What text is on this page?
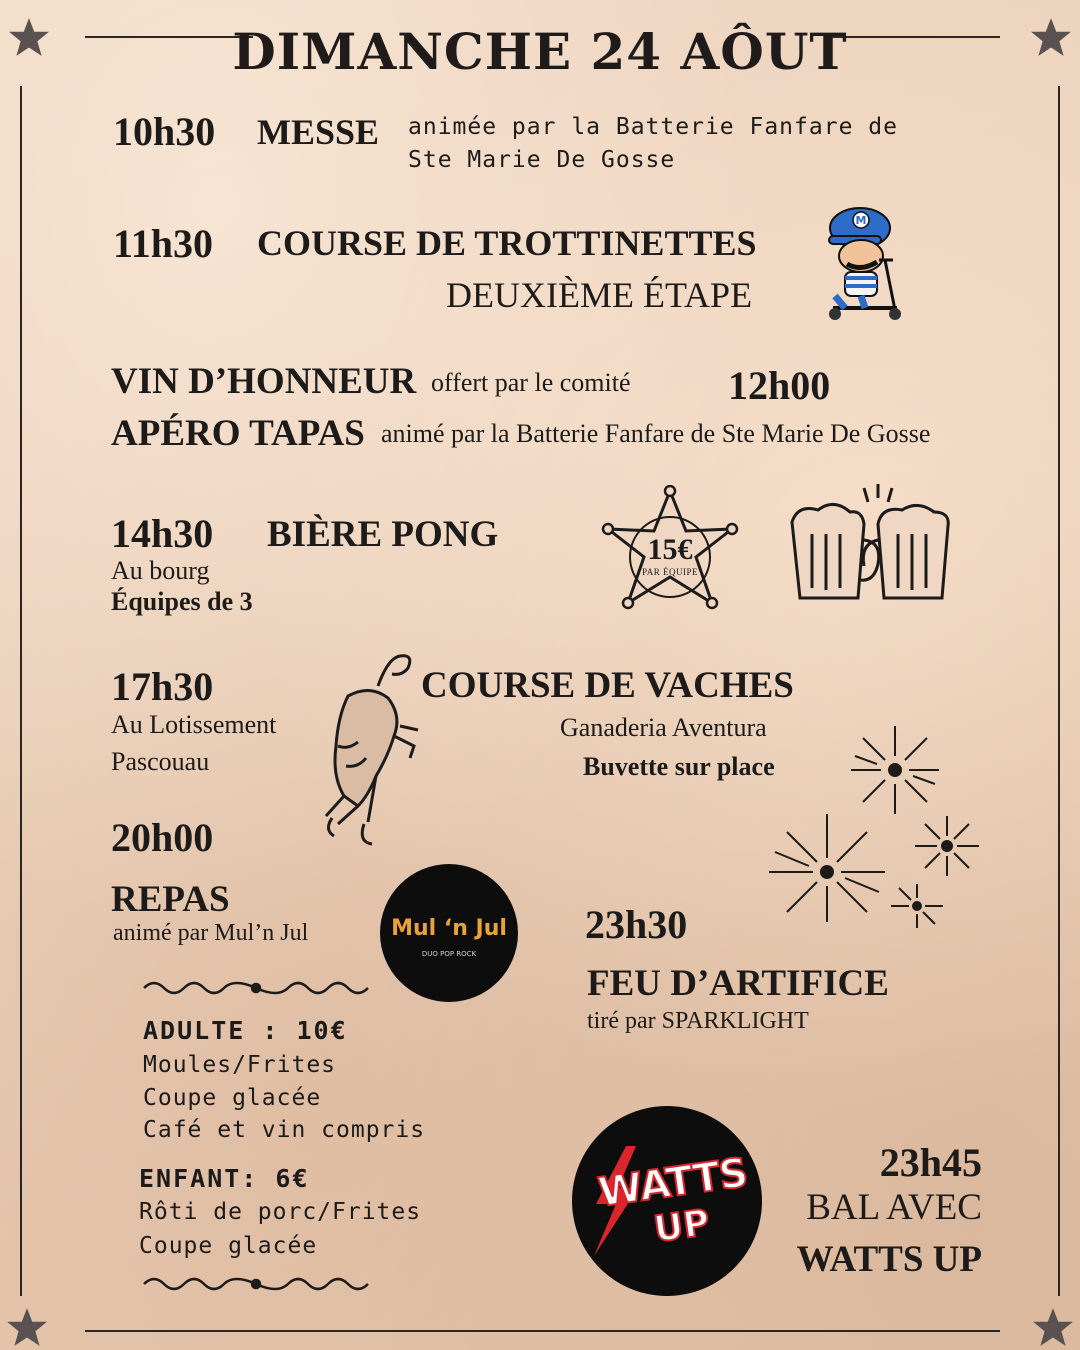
DIMANCHE 24 AÔUT
10h30 MESSE animée par la Batterie Fanfare de
Ste Marie De Gosse
11h30 COURSE DE TROTTINETTES
DEUXIÈME ÉTAPE
M
VIN D’HONNEUR offert par le comité 12h00
APÉRO TAPAS animé par la Batterie Fanfare de Ste Marie De Gosse
14h30 BIÈRE PONG
Au bourg
Équipes de 3
15€
PAR ÉQUIPE
17h30
Au Lotissement
Pascouau
COURSE DE VACHES
Ganaderia Aventura
Buvette sur place
20h00
REPAS
animé par Mul’n Jul	Mul ‘n Jul
DUO POP ROCK
ADULTE : 10€
Moules/Frites
Coupe glacée
Café et vin compris
ENFANT: 6€
Rôti de porc/Frites
Coupe glacée
23h30
FEU D’ARTIFICE
tiré par SPARKLIGHT
WATTS
UP
23h45
BAL AVEC
WATTS UP
